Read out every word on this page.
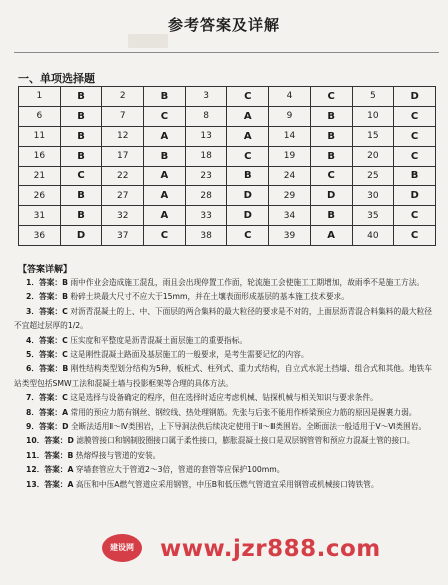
参考答案及详解
一、单项选择题
1	B	2	B	3	C	4	C	5	D
6	B	7	C	8	A	9	B	10	C
11	B	12	A	13	A	14	B	15	C
16	B	17	B	18	C	19	B	20	C
21	C	22	A	23	B	24	C	25	B
26	B	27	A	28	D	29	D	30	D
31	B	32	A	33	D	34	B	35	C
36	D	37	C	38	C	39	A	40	C
【答案详解】
1．答案：B 雨中作业会造成施工混乱，雨且会出现停置工作面，轮流施工会使施工工期增加，故雨季不是施工方法。
2．答案：B 粉碎土块最大尺寸不应大于15mm，并在土壤表面形成基层的基本施工技术要求。
3．答案：C 对沥青混凝土的上、中、下面层的两合集料的最大粒径的要求是不对的，上面层沥青混合料集料的最大粒径不宜超过层厚的1/2。
4．答案：C 压实度和平整度是沥青混凝土面层施工的重要指标。
5．答案：C 这是刚性混凝土路面及基层施工的一般要求，是考生需要记忆的内容。
6．答案：B 刚性结构类型划分结构为5种，板桩式、柱列式、重力式结构，自立式水泥土挡墙、组合式和其他。地铁车站类型包括SMW工法和混凝土墙与投影框架等合理的具体方法。
7．答案：C 这是选择与设备确定的程序，但在选择时适应考虑机械、钻探机械与相关知识与要求条件。
8．答案：A 常用的预应力筋有钢丝、钢绞线、热处理钢筋。先张与后张不能用作桥梁预应力筋的原因是握裹力弱。
9．答案：D 全断法适用Ⅱ～Ⅳ类围岩，上下导洞法供后续决定使用于Ⅱ～Ⅲ类围岩。全断面法一般适用于Ⅴ～Ⅵ类围岩。
10．答案：D 滤膜管接口和钢制胶圈接口属于柔性接口，膨胀混凝土接口是双层钢管管和预应力混凝土管的接口。
11．答案：B 热熔焊接与管道的安装。
12．答案：A 穿墙套管应大于管道2～3倍，管道的套管等应保护100mm。
13．答案：A 高压和中压A燃气管道应采用钢管，中压B和低压燃气管道宜采用钢管或机械接口铸铁管。
建设网	www.jzr888.com
